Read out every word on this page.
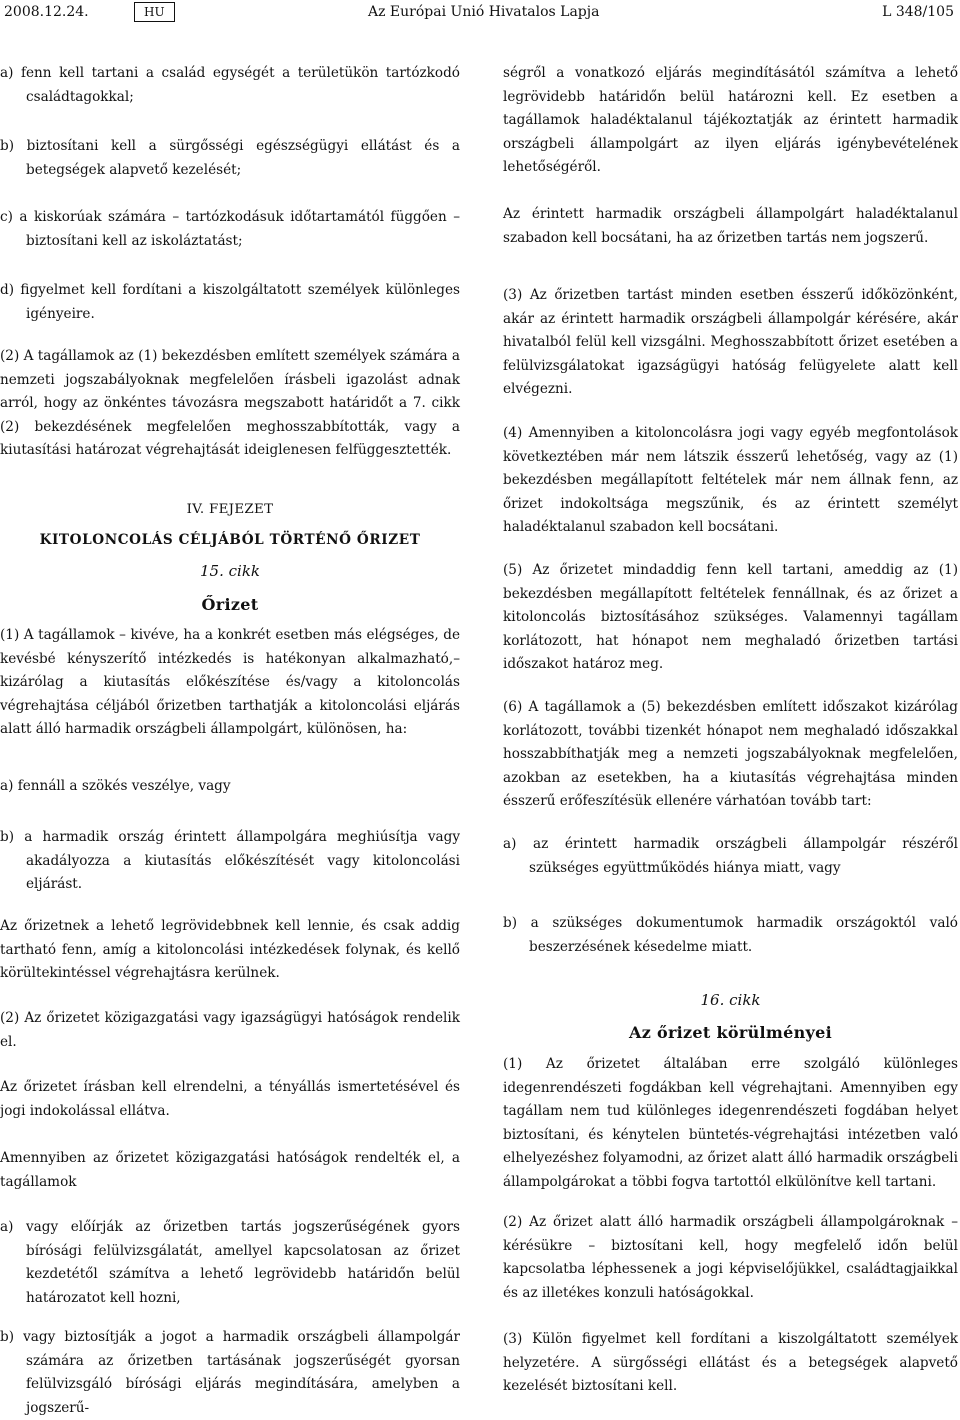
2008.12.24.	HU	Az Európai Unió Hivatalos Lapja	L 348/105

a) fenn kell tartani a család egységét a területükön tartózkodó családtagokkal;

b) biztosítani kell a sürgősségi egészségügyi ellátást és a betegségek alapvető kezelését;

c) a kiskorúak számára – tartózkodásuk időtartamától függően – biztosítani kell az iskoláztatást;

d) figyelmet kell fordítani a kiszolgáltatott személyek különleges igényeire.

(2) A tagállamok az (1) bekezdésben említett személyek számára a nemzeti jogszabályoknak megfelelően írásbeli igazolást adnak arról, hogy az önkéntes távozásra megszabott határidőt a 7. cikk (2) bekezdésének megfelelően meghosszabbították, vagy a kiutasítási határozat végrehajtását ideiglenesen felfüggesztették.

IV. FEJEZET

KITOLONCOLÁS CÉLJÁBÓL TÖRTÉNŐ ŐRIZET

15. cikk

Őrizet

(1) A tagállamok – kivéve, ha a konkrét esetben más elégséges, de kevésbé kényszerítő intézkedés is hatékonyan alkalmazható,– kizárólag a kiutasítás előkészítése és/vagy a kitoloncolás végrehajtása céljából őrizetben tarthatják a kitoloncolási eljárás alatt álló harmadik országbeli állampolgárt, különösen, ha:

a) fennáll a szökés veszélye, vagy

b) a harmadik ország érintett állampolgára meghiúsítja vagy akadályozza a kiutasítás előkészítését vagy kitoloncolási eljárást.

Az őrizetnek a lehető legrövidebbnek kell lennie, és csak addig tartható fenn, amíg a kitoloncolási intézkedések folynak, és kellő körültekintéssel végrehajtásra kerülnek.

(2) Az őrizetet közigazgatási vagy igazságügyi hatóságok rendelik el.

Az őrizetet írásban kell elrendelni, a tényállás ismertetésével és jogi indokolással ellátva.

Amennyiben az őrizetet közigazgatási hatóságok rendelték el, a tagállamok

a) vagy előírják az őrizetben tartás jogszerűségének gyors bírósági felülvizsgálatát, amellyel kapcsolatosan az őrizet kezdetétől számítva a lehető legrövidebb határidőn belül határozatot kell hozni,

b) vagy biztosítják a jogot a harmadik országbeli állampolgár számára az őrizetben tartásának jogszerűségét gyorsan felülvizsgáló bírósági eljárás megindítására, amelyben a jogszerű-

ségről a vonatkozó eljárás megindításától számítva a lehető legrövidebb határidőn belül határozni kell. Ez esetben a tagállamok haladéktalanul tájékoztatják az érintett harmadik országbeli állampolgárt az ilyen eljárás igénybevételének lehetőségéről.

Az érintett harmadik országbeli állampolgárt haladéktalanul szabadon kell bocsátani, ha az őrizetben tartás nem jogszerű.

(3) Az őrizetben tartást minden esetben ésszerű időközönként, akár az érintett harmadik országbeli állampolgár kérésére, akár hivatalból felül kell vizsgálni. Meghosszabbított őrizet esetében a felülvizsgálatokat igazságügyi hatóság felügyelete alatt kell elvégezni.

(4) Amennyiben a kitoloncolásra jogi vagy egyéb megfontolások következtében már nem látszik ésszerű lehetőség, vagy az (1) bekezdésben megállapított feltételek már nem állnak fenn, az őrizet indokoltsága megszűnik, és az érintett személyt haladéktalanul szabadon kell bocsátani.

(5) Az őrizetet mindaddig fenn kell tartani, ameddig az (1) bekezdésben megállapított feltételek fennállnak, és az őrizet a kitoloncolás biztosításához szükséges. Valamennyi tagállam korlátozott, hat hónapot nem meghaladó őrizetben tartási időszakot határoz meg.

(6) A tagállamok a (5) bekezdésben említett időszakot kizárólag korlátozott, további tizenkét hónapot nem meghaladó időszakkal hosszabbíthatják meg a nemzeti jogszabályoknak megfelelően, azokban az esetekben, ha a kiutasítás végrehajtása minden ésszerű erőfeszítésük ellenére várhatóan tovább tart:

a) az érintett harmadik országbeli állampolgár részéről szükséges együttműködés hiánya miatt, vagy

b) a szükséges dokumentumok harmadik országoktól való beszerzésének késedelme miatt.

16. cikk

Az őrizet körülményei

(1) Az őrizetet általában erre szolgáló különleges idegenrendészeti fogdákban kell végrehajtani. Amennyiben egy tagállam nem tud különleges idegenrendészeti fogdában helyet biztosítani, és kénytelen büntetés-végrehajtási intézetben való elhelyezéshez folyamodni, az őrizet alatt álló harmadik országbeli állampolgárokat a többi fogva tartottól elkülönítve kell tartani.

(2) Az őrizet alatt álló harmadik országbeli állampolgároknak – kérésükre – biztosítani kell, hogy megfelelő időn belül kapcsolatba léphessenek a jogi képviselőjükkel, családtagjaikkal és az illetékes konzuli hatóságokkal.

(3) Külön figyelmet kell fordítani a kiszolgáltatott személyek helyzetére. A sürgősségi ellátást és a betegségek alapvető kezelését biztosítani kell.
